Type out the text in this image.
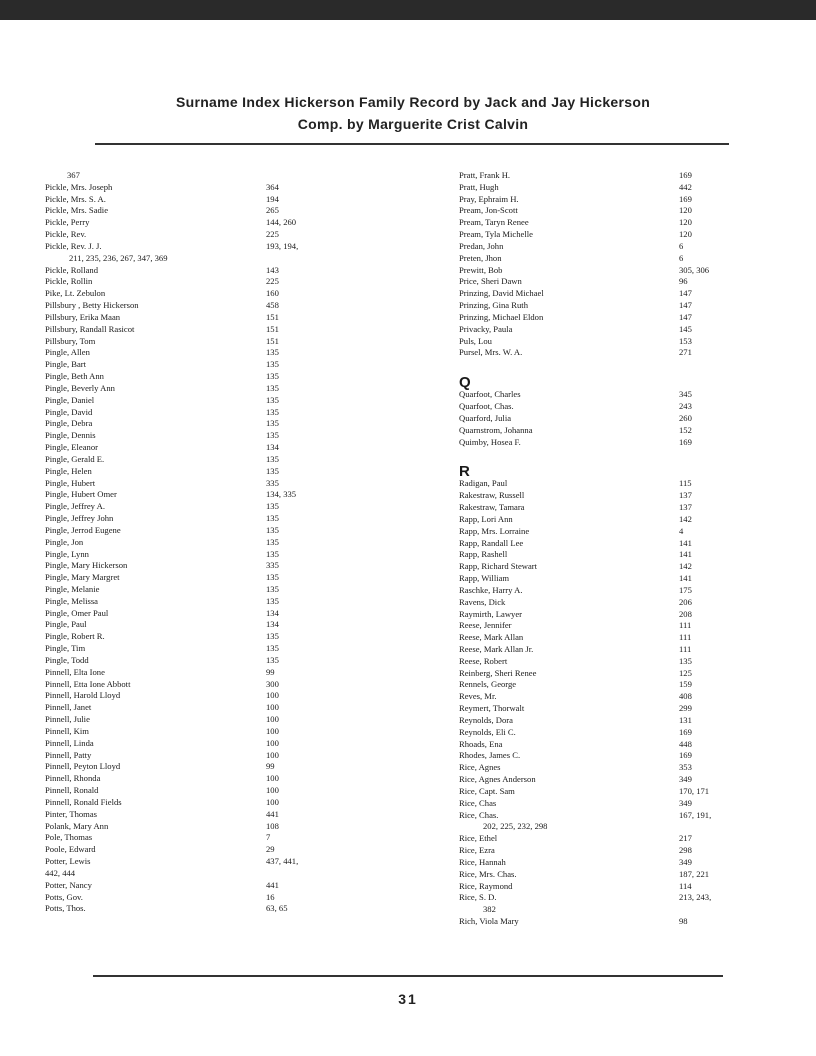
Surname Index Hickerson Family Record by Jack and Jay Hickerson
Comp. by Marguerite Crist Calvin
367
Pickle, Mrs. Joseph	364
Pickle, Mrs. S. A.	194
Pickle, Mrs. Sadie	265
Pickle, Perry	144, 260
Pickle, Rev.	225
Pickle, Rev. J. J.	193, 194,
211, 235, 236, 267, 347, 369
Pickle, Rolland	143
Pickle, Rollin	225
Pike, Lt. Zebulon	160
Pillsbury , Betty Hickerson	458
Pillsbury, Erika Maan	151
Pillsbury, Randall Rasicot	151
Pillsbury, Tom	151
Pingle, Allen	135
Pingle, Bart	135
Pingle, Beth Ann	135
Pingle, Beverly Ann	135
Pingle, Daniel	135
Pingle, David	135
Pingle, Debra	135
Pingle, Dennis	135
Pingle, Eleanor	134
Pingle, Gerald E.	135
Pingle, Helen	135
Pingle, Hubert	335
Pingle, Hubert Omer	134, 335
Pingle, Jeffrey A.	135
Pingle, Jeffrey John	135
Pingle, Jerrod Eugene	135
Pingle, Jon	135
Pingle, Lynn	135
Pingle, Mary Hickerson	335
Pingle, Mary Margret	135
Pingle, Melanie	135
Pingle, Melissa	135
Pingle, Omer Paul	134
Pingle, Paul	134
Pingle, Robert R.	135
Pingle, Tim	135
Pingle, Todd	135
Pinnell, Elta Ione	99
Pinnell, Etta Ione Abbott	300
Pinnell, Harold Lloyd	100
Pinnell, Janet	100
Pinnell, Julie	100
Pinnell, Kim	100
Pinnell, Linda	100
Pinnell, Patty	100
Pinnell, Peyton Lloyd	99
Pinnell, Rhonda	100
Pinnell, Ronald	100
Pinnell, Ronald Fields	100
Pinter, Thomas	441
Polank, Mary Ann	108
Pole, Thomas	7
Poole, Edward	29
Potter, Lewis	437, 441,
442, 444
Potter, Nancy	441
Potts, Gov.	16
Potts, Thos.	63, 65
Pratt, Frank H.	169
Pratt, Hugh	442
Pray, Ephraim H.	169
Pream, Jon-Scott	120
Pream, Taryn Renee	120
Pream, Tyla Michelle	120
Predan, John	6
Preten, Jhon	6
Prewitt, Bob	305, 306
Price, Sheri Dawn	96
Prinzing, David Michael	147
Prinzing, Gina Ruth	147
Prinzing, Michael Eldon	147
Privacky, Paula	145
Puls, Lou	153
Pursel, Mrs. W. A.	271
Q
Quarfoot, Charles	345
Quarfoot, Chas.	243
Quarford, Julia	260
Quarnstrom, Johanna	152
Quimby, Hosea F.	169
R
Radigan, Paul	115
Rakestraw, Russell	137
Rakestraw, Tamara	137
Rapp, Lori Ann	142
Rapp, Mrs. Lorraine	4
Rapp, Randall Lee	141
Rapp, Rashell	141
Rapp, Richard Stewart	142
Rapp, William	141
Raschke, Harry A.	175
Ravens, Dick	206
Raymirth, Lawyer	208
Reese, Jennifer	111
Reese, Mark Allan	111
Reese, Mark Allan Jr.	111
Reese, Robert	135
Reinberg, Sheri Renee	125
Rennels, George	159
Reves, Mr.	408
Reymert, Thorwalt	299
Reynolds, Dora	131
Reynolds, Eli C.	169
Rhoads, Ena	448
Rhodes, James C.	169
Rice, Agnes	353
Rice, Agnes Anderson	349
Rice, Capt. Sam	170, 171
Rice, Chas	349
Rice, Chas.	167, 191,
202, 225, 232, 298
Rice, Ethel	217
Rice, Ezra	298
Rice, Hannah	349
Rice, Mrs. Chas.	187, 221
Rice, Raymond	114
Rice, S. D.	213, 243,
382
Rich, Viola Mary	98
31
